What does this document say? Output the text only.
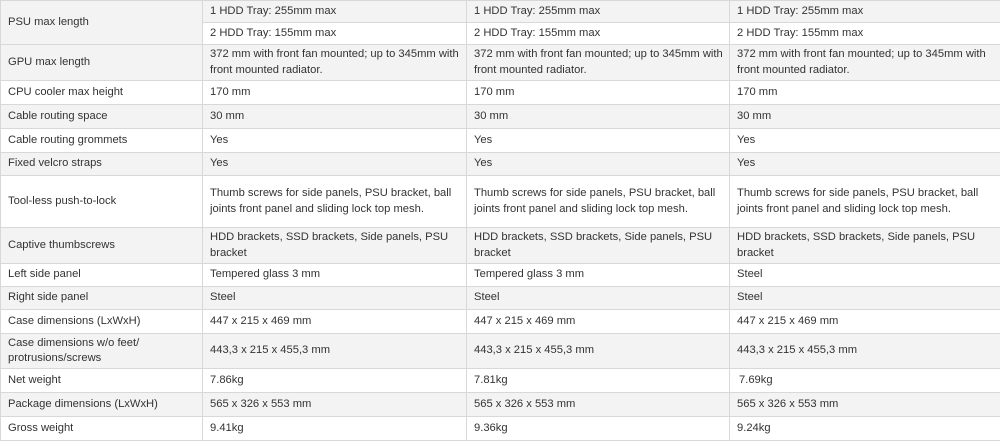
PSU max length	1 HDD Tray: 255mm max	1 HDD Tray: 255mm max	1 HDD Tray: 255mm max
	2 HDD Tray: 155mm max	2 HDD Tray: 155mm max	2 HDD Tray: 155mm max
GPU max length	372 mm with front fan mounted; up to 345mm with front mounted radiator.	372 mm with front fan mounted; up to 345mm with front mounted radiator.	372 mm with front fan mounted; up to 345mm with front mounted radiator.
CPU cooler max height	170 mm	170 mm	170 mm
Cable routing space	30 mm	30 mm	30 mm
Cable routing grommets	Yes	Yes	Yes
Fixed velcro straps	Yes	Yes	Yes
Tool-less push-to-lock	Thumb screws for side panels, PSU bracket, ball joints front panel and sliding lock top mesh.	Thumb screws for side panels, PSU bracket, ball joints front panel and sliding lock top mesh.	Thumb screws for side panels, PSU bracket, ball joints front panel and sliding lock top mesh.
Captive thumbscrews	HDD brackets, SSD brackets, Side panels, PSU bracket	HDD brackets, SSD brackets, Side panels, PSU bracket	HDD brackets, SSD brackets, Side panels, PSU bracket
Left side panel	Tempered glass 3 mm	Tempered glass 3 mm	Steel
Right side panel	Steel	Steel	Steel
Case dimensions (LxWxH)	447 x 215 x 469 mm	447 x 215 x 469 mm	447 x 215 x 469 mm
Case dimensions w/o feet/ protrusions/screws	443,3 x 215 x 455,3 mm	443,3 x 215 x 455,3 mm	443,3 x 215 x 455,3 mm
Net weight	7.86kg	7.81kg	7.69kg
Package dimensions (LxWxH)	565 x 326 x 553 mm	565 x 326 x 553 mm	565 x 326 x 553 mm
Gross weight	9.41kg	9.36kg	9.24kg
